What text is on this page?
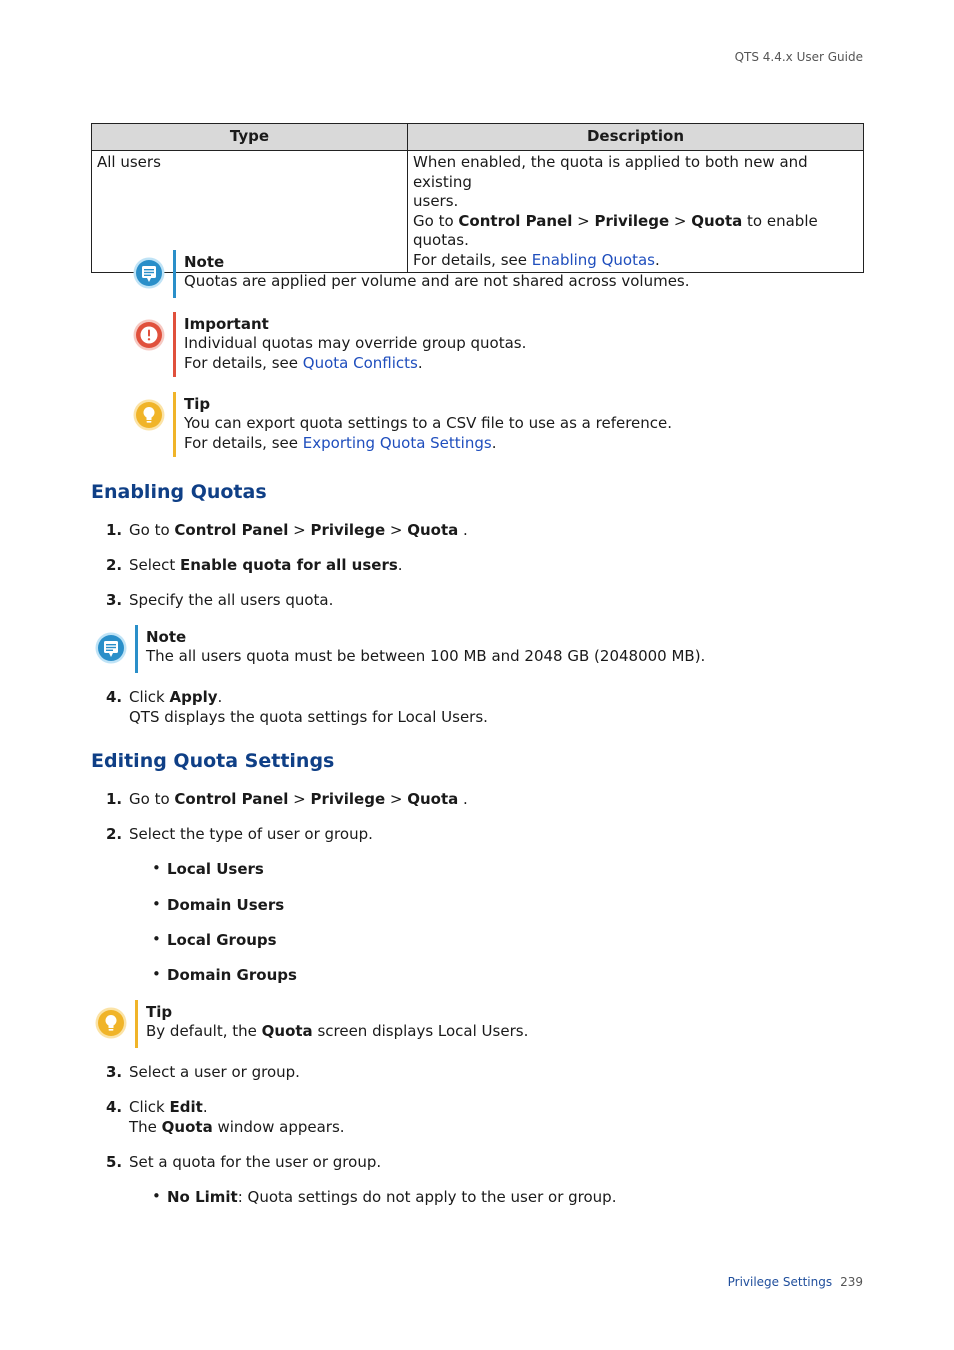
QTS 4.4.x User Guide
Type	Description
All users	When enabled, the quota is applied to both new and existing
users.
Go to Control Panel > Privilege > Quota to enable quotas.
For details, see Enabling Quotas.
Note
Quotas are applied per volume and are not shared across volumes.
Important
Individual quotas may override group quotas.
For details, see Quota Conflicts.
Tip
You can export quota settings to a CSV file to use as a reference.
For details, see Exporting Quota Settings.
Enabling Quotas
1. Go to Control Panel > Privilege > Quota .
2. Select Enable quota for all users.
3. Specify the all users quota.
Note
The all users quota must be between 100 MB and 2048 GB (2048000 MB).
4. Click Apply.
QTS displays the quota settings for Local Users.
Editing Quota Settings
1. Go to Control Panel > Privilege > Quota .
2. Select the type of user or group.
• Local Users
• Domain Users
• Local Groups
• Domain Groups
Tip
By default, the Quota screen displays Local Users.
3. Select a user or group.
4. Click Edit.
The Quota window appears.
5. Set a quota for the user or group.
• No Limit: Quota settings do not apply to the user or group.
Privilege Settings 239
